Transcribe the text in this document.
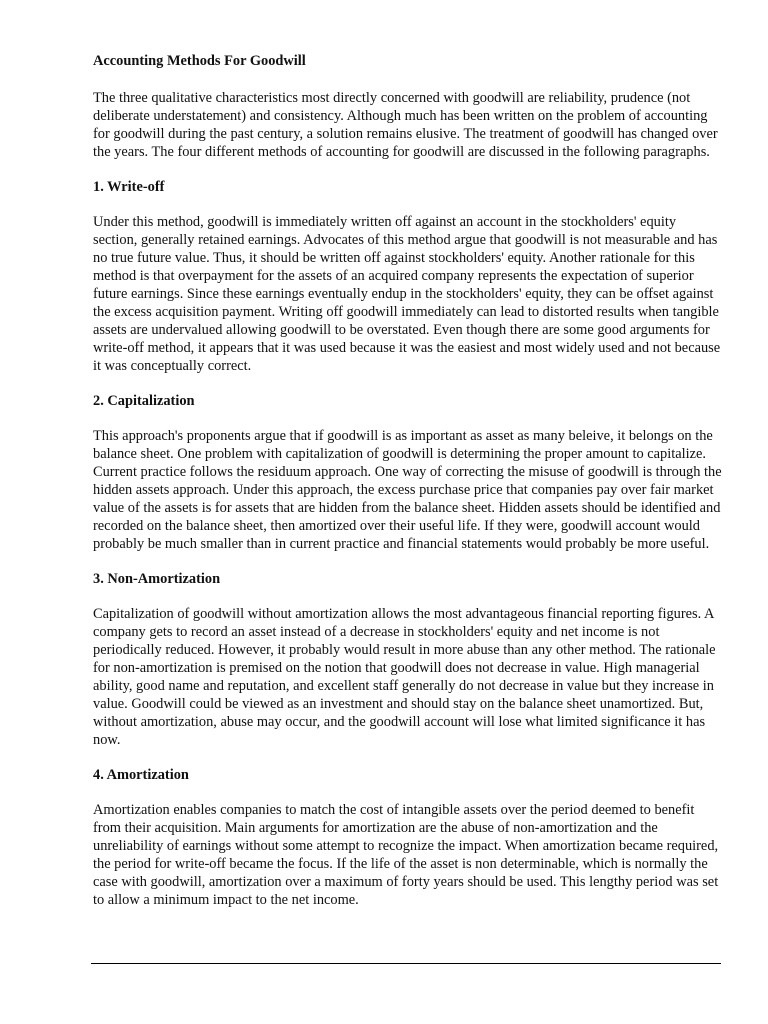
Accounting Methods For Goodwill

The three qualitative characteristics most directly concerned with goodwill are reliability, prudence (not deliberate understatement) and consistency. Although much has been written on the problem of accounting for goodwill during the past century, a solution remains elusive. The treatment of goodwill has changed over the years. The four different methods of accounting for goodwill are discussed in the following paragraphs.

1. Write-off

Under this method, goodwill is immediately written off against an account in the stockholders' equity section, generally retained earnings. Advocates of this method argue that goodwill is not measurable and has no true future value. Thus, it should be written off against stockholders' equity. Another rationale for this method is that overpayment for the assets of an acquired company represents the expectation of superior future earnings. Since these earnings eventually endup in the stockholders' equity, they can be offset against the excess acquisition payment. Writing off goodwill immediately can lead to distorted results when tangible assets are undervalued allowing goodwill to be overstated. Even though there are some good arguments for write-off method, it appears that it was used because it was the easiest and most widely used and not because it was conceptually correct.

2. Capitalization

This approach's proponents argue that if goodwill is as important as asset as many beleive, it belongs on the balance sheet. One problem with capitalization of goodwill is determining the proper amount to capitalize. Current practice follows the residuum approach. One way of correcting the misuse of goodwill is through the hidden assets approach. Under this approach, the excess purchase price that companies pay over fair market value of the assets is for assets that are hidden from the balance sheet. Hidden assets should be identified and recorded on the balance sheet, then amortized over their useful life. If they were, goodwill account would probably be much smaller than in current practice and financial statements would probably be more useful.

3. Non-Amortization

Capitalization of goodwill without amortization allows the most advantageous financial reporting figures. A company gets to record an asset instead of a decrease in stockholders' equity and net income is not periodically reduced. However, it probably would result in more abuse than any other method. The rationale for non-amortization is premised on the notion that goodwill does not decrease in value. High managerial ability, good name and reputation, and excellent staff generally do not decrease in value but they increase in value. Goodwill could be viewed as an investment and should stay on the balance sheet unamortized. But, without amortization, abuse may occur, and the goodwill account will lose what limited significance it has now.

4. Amortization

Amortization enables companies to match the cost of intangible assets over the period deemed to benefit from their acquisition. Main arguments for amortization are the abuse of non-amortization and the unreliability of earnings without some attempt to recognize the impact. When amortization became required, the period for write-off became the focus. If the life of the asset is non determinable, which is normally the case with goodwill, amortization over a maximum of forty years should be used. This lengthy period was set to allow a minimum impact to the net income.
